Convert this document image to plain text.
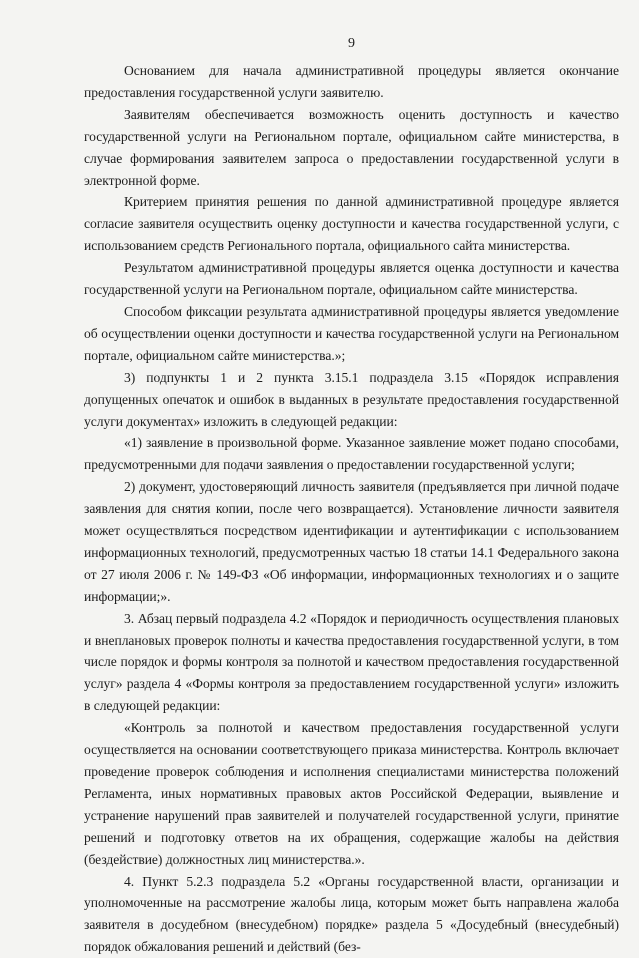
9

Основанием для начала административной процедуры является окончание предоставления государственной услуги заявителю.

Заявителям обеспечивается возможность оценить доступность и качество государственной услуги на Региональном портале, официальном сайте министерства, в случае формирования заявителем запроса о предоставлении государственной услуги в электронной форме.

Критерием принятия решения по данной административной процедуре является согласие заявителя осуществить оценку доступности и качества государственной услуги, с использованием средств Регионального портала, официального сайта министерства.

Результатом административной процедуры является оценка доступности и качества государственной услуги на Региональном портале, официальном сайте министерства.

Способом фиксации результата административной процедуры является уведомление об осуществлении оценки доступности и качества государственной услуги на Региональном портале, официальном сайте министерства.»;

3) подпункты 1 и 2 пункта 3.15.1 подраздела 3.15 «Порядок исправления допущенных опечаток и ошибок в выданных в результате предоставления государственной услуги документах» изложить в следующей редакции:

«1) заявление в произвольной форме. Указанное заявление может подано способами, предусмотренными для подачи заявления о предоставлении государственной услуги;

2) документ, удостоверяющий личность заявителя (предъявляется при личной подаче заявления для снятия копии, после чего возвращается). Установление личности заявителя может осуществляться посредством идентификации и аутентификации с использованием информационных технологий, предусмотренных частью 18 статьи 14.1 Федерального закона от 27 июля 2006 г. № 149-ФЗ «Об информации, информационных технологиях и о защите информации;».

3. Абзац первый подраздела 4.2 «Порядок и периодичность осуществления плановых и внеплановых проверок полноты и качества предоставления государственной услуги, в том числе порядок и формы контроля за полнотой и качеством предоставления государственной услуг» раздела 4 «Формы контроля за предоставлением государственной услуги» изложить в следующей редакции:

«Контроль за полнотой и качеством предоставления государственной услуги осуществляется на основании соответствующего приказа министерства. Контроль включает проведение проверок соблюдения и исполнения специалистами министерства положений Регламента, иных нормативных правовых актов Российской Федерации, выявление и устранение нарушений прав заявителей и получателей государственной услуги, принятие решений и подготовку ответов на их обращения, содержащие жалобы на действия (бездействие) должностных лиц министерства.».

4. Пункт 5.2.3 подраздела 5.2 «Органы государственной власти, организации и уполномоченные на рассмотрение жалобы лица, которым может быть направлена жалоба заявителя в досудебном (внесудебном) порядке» раздела 5 «Досудебный (внесудебный) порядок обжалования решений и действий (без-
